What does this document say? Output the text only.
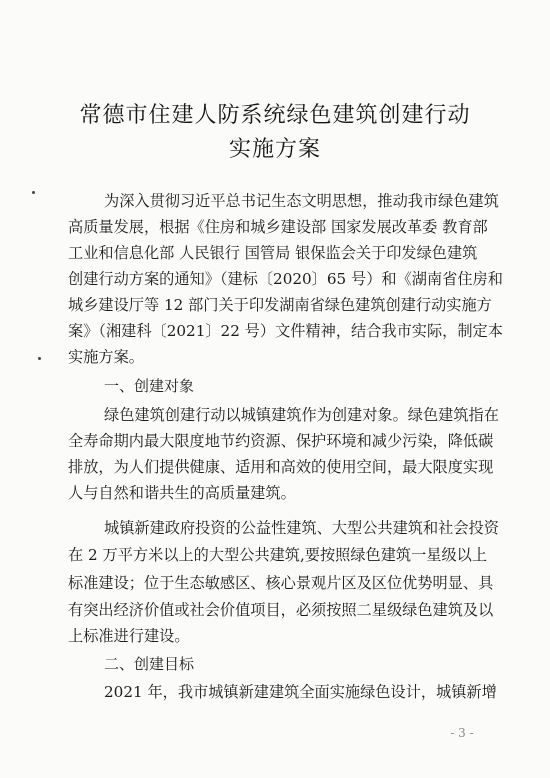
常德市住建人防系统绿色建筑创建行动
实施方案
为深入贯彻习近平总书记生态文明思想，推动我市绿色建筑
高质量发展，根据《住房和城乡建设部 国家发展改革委 教育部
工业和信息化部 人民银行 国管局 银保监会关于印发绿色建筑
创建行动方案的通知》（建标〔2020〕65 号）和《湖南省住房和
城乡建设厅等 12 部门关于印发湖南省绿色建筑创建行动实施方
案》（湘建科〔2021〕22 号）文件精神，结合我市实际，制定本
实施方案。
一、创建对象
绿色建筑创建行动以城镇建筑作为创建对象。绿色建筑指在
全寿命期内最大限度地节约资源、保护环境和减少污染，降低碳
排放，为人们提供健康、适用和高效的使用空间，最大限度实现
人与自然和谐共生的高质量建筑。
城镇新建政府投资的公益性建筑、大型公共建筑和社会投资
在 2 万平方米以上的大型公共建筑,要按照绿色建筑一星级以上
标准建设；位于生态敏感区、核心景观片区及区位优势明显、具
有突出经济价值或社会价值项目，必须按照二星级绿色建筑及以
上标准进行建设。
二、创建目标
2021 年，我市城镇新建建筑全面实施绿色设计，城镇新增
- 3 -
